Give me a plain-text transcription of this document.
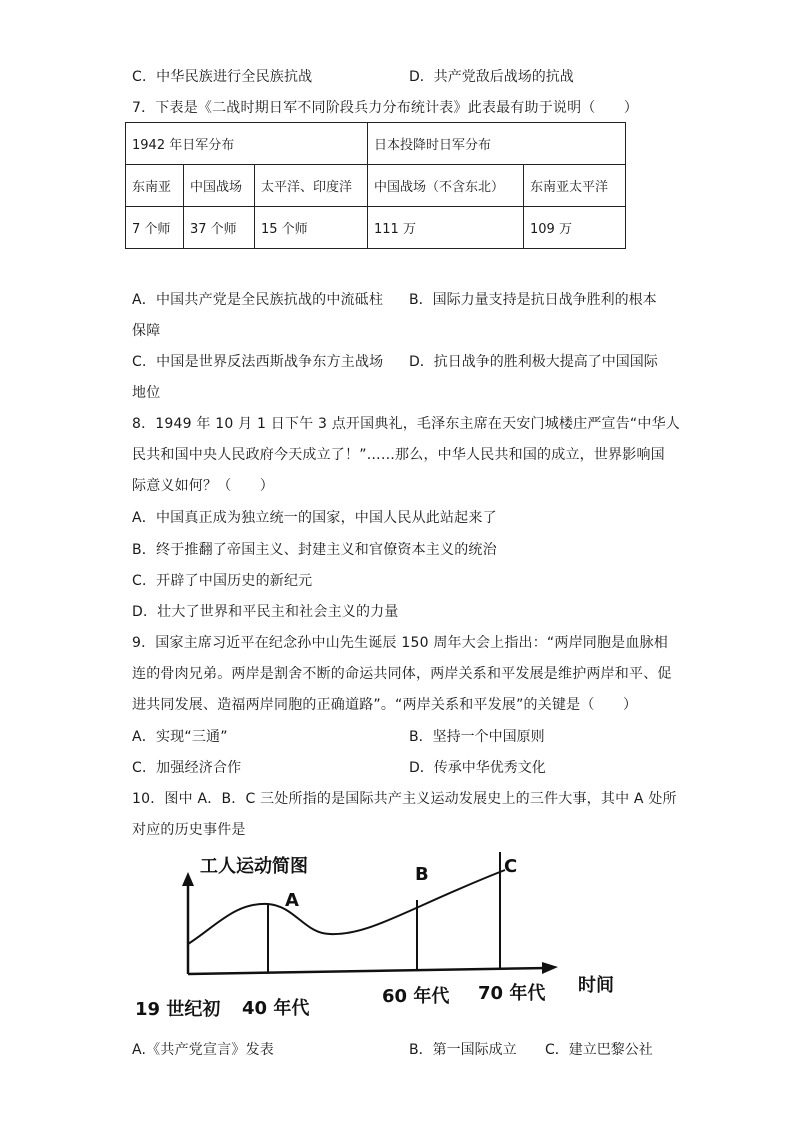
C．中华民族进行全民族抗战	D．共产党敌后战场的抗战
7．下表是《二战时期日军不同阶段兵力分布统计表》此表最有助于说明（　　）
1942 年日军分布			日本投降时日军分布	
东南亚	中国战场	太平洋、印度洋	中国战场（不含东北）	东南亚太平洋
7 个师	37 个师	15 个师	111 万	109 万
A．中国共产党是全民族抗战的中流砥柱 B．国际力量支持是抗日战争胜利的根本
保障
C．中国是世界反法西斯战争东方主战场 D．抗日战争的胜利极大提高了中国国际
地位
8．1949 年 10 月 1 日下午 3 点开国典礼，毛泽东主席在天安门城楼庄严宣告“中华人
民共和国中央人民政府今天成立了！”……那么，中华人民共和国的成立，世界影响国
际意义如何？（　　）
A．中国真正成为独立统一的国家，中国人民从此站起来了
B．终于推翻了帝国主义、封建主义和官僚资本主义的统治
C．开辟了中国历史的新纪元
D．壮大了世界和平民主和社会主义的力量
9．国家主席习近平在纪念孙中山先生诞辰 150 周年大会上指出：“两岸同胞是血脉相
连的骨肉兄弟。两岸是割舍不断的命运共同体，两岸关系和平发展是维护两岸和平、促
进共同发展、造福两岸同胞的正确道路”。“两岸关系和平发展”的关键是（　　）
A．实现“三通”	B．坚持一个中国原则
C．加强经济合作	D．传承中华优秀文化
10．图中 A．B．C 三处所指的是国际共产主义运动发展史上的三件大事，其中 A 处所
对应的历史事件是
工人运动简图
A
B	C
19 世纪初 40 年代
60 年代 70 年代 时间
A.《共产党宣言》发表	B．第一国际成立 C．建立巴黎公社
